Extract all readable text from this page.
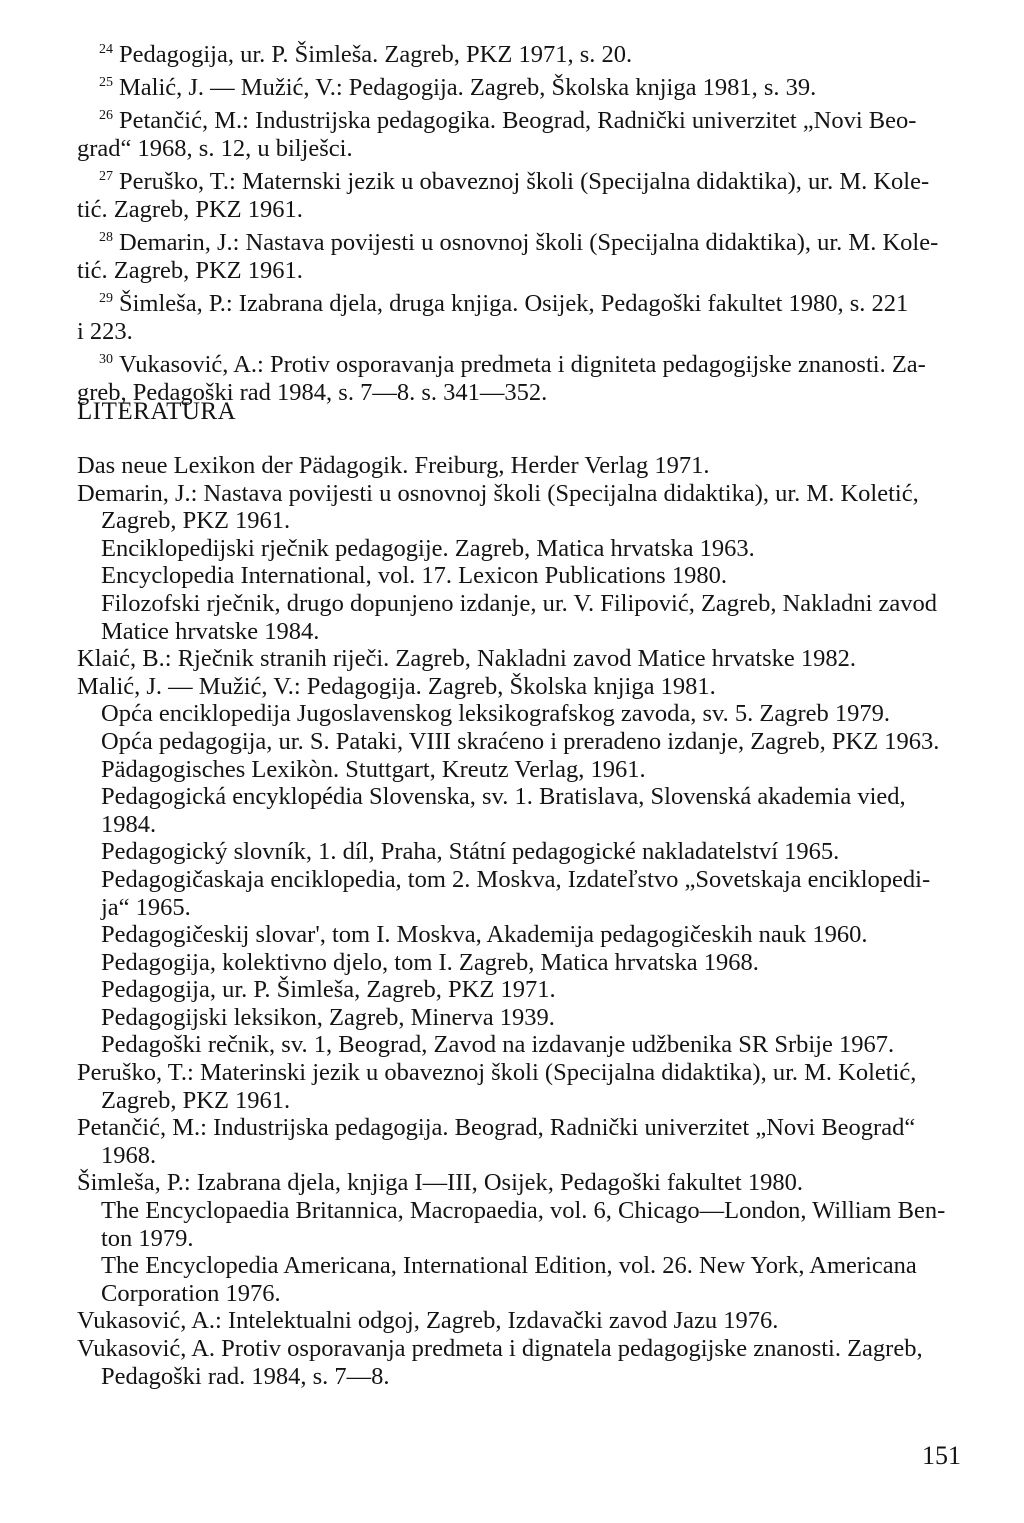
$^{24}$ Pedagogija, ur. P. Šimleša. Zagreb, PKZ 1971, s. 20.
$^{25}$ Malić, J. — Mužić, V.: Pedagogija. Zagreb, Školska knjiga 1981, s. 39.
$^{26}$ Petančić, M.: Industrijska pedagogika. Beograd, Radnički univerzitet „Novi Beo-
grad“ 1968, s. 12, u bilješci.
$^{27}$ Peruško, T.: Maternski jezik u obaveznoj školi (Specijalna didaktika), ur. M. Kole-
tić. Zagreb, PKZ 1961.
$^{28}$ Demarin, J.: Nastava povijesti u osnovnoj školi (Specijalna didaktika), ur. M. Kole-
tić. Zagreb, PKZ 1961.
$^{29}$ Šimleša, P.: Izabrana djela, druga knjiga. Osijek, Pedagoški fakultet 1980, s. 221
i 223.
$^{30}$ Vukasović, A.: Protiv osporavanja predmeta i digniteta pedagogijske znanosti. Za-
greb, Pedagoški rad 1984, s. 7—8. s. 341—352.
LITERATURA
Das neue Lexikon der Pädagogik. Freiburg, Herder Verlag 1971.
Demarin, J.: Nastava povijesti u osnovnoj školi (Specijalna didaktika), ur. M. Koletić,
Zagreb, PKZ 1961.
Enciklopedijski rječnik pedagogije. Zagreb, Matica hrvatska 1963.
Encyclopedia International, vol. 17. Lexicon Publications 1980.
Filozofski rječnik, drugo dopunjeno izdanje, ur. V. Filipović, Zagreb, Nakladni zavod
Matice hrvatske 1984.
Klaić, B.: Rječnik stranih riječi. Zagreb, Nakladni zavod Matice hrvatske 1982.
Malić, J. — Mužić, V.: Pedagogija. Zagreb, Školska knjiga 1981.
Opća enciklopedija Jugoslavenskog leksikografskog zavoda, sv. 5. Zagreb 1979.
Opća pedagogija, ur. S. Pataki, VIII skraćeno i preradeno izdanje, Zagreb, PKZ 1963.
Pädagogisches Lexikòn. Stuttgart, Kreutz Verlag, 1961.
Pedagogická encyklopédia Slovenska, sv. 1. Bratislava, Slovenská akademia vied,
1984.
Pedagogický slovník, 1. díl, Praha, Státní pedagogické nakladatelství 1965.
Pedagogičaskaja enciklopedia, tom 2. Moskva, Izdateľstvo „Sovetskaja enciklopedi-
ja“ 1965.
Pedagogičeskij slovar', tom I. Moskva, Akademija pedagogičeskih nauk 1960.
Pedagogija, kolektivno djelo, tom I. Zagreb, Matica hrvatska 1968.
Pedagogija, ur. P. Šimleša, Zagreb, PKZ 1971.
Pedagogijski leksikon, Zagreb, Minerva 1939.
Pedagoški rečnik, sv. 1, Beograd, Zavod na izdavanje udžbenika SR Srbije 1967.
Peruško, T.: Materinski jezik u obaveznoj školi (Specijalna didaktika), ur. M. Koletić,
Zagreb, PKZ 1961.
Petančić, M.: Industrijska pedagogija. Beograd, Radnički univerzitet „Novi Beograd“
1968.
Šimleša, P.: Izabrana djela, knjiga I—III, Osijek, Pedagoški fakultet 1980.
The Encyclopaedia Britannica, Macropaedia, vol. 6, Chicago—London, William Ben-
ton 1979.
The Encyclopedia Americana, International Edition, vol. 26. New York, Americana
Corporation 1976.
Vukasović, A.: Intelektualni odgoj, Zagreb, Izdavački zavod Jazu 1976.
Vukasović, A. Protiv osporavanja predmeta i dignatela pedagogijske znanosti. Zagreb,
Pedagoški rad. 1984, s. 7—8.
151
